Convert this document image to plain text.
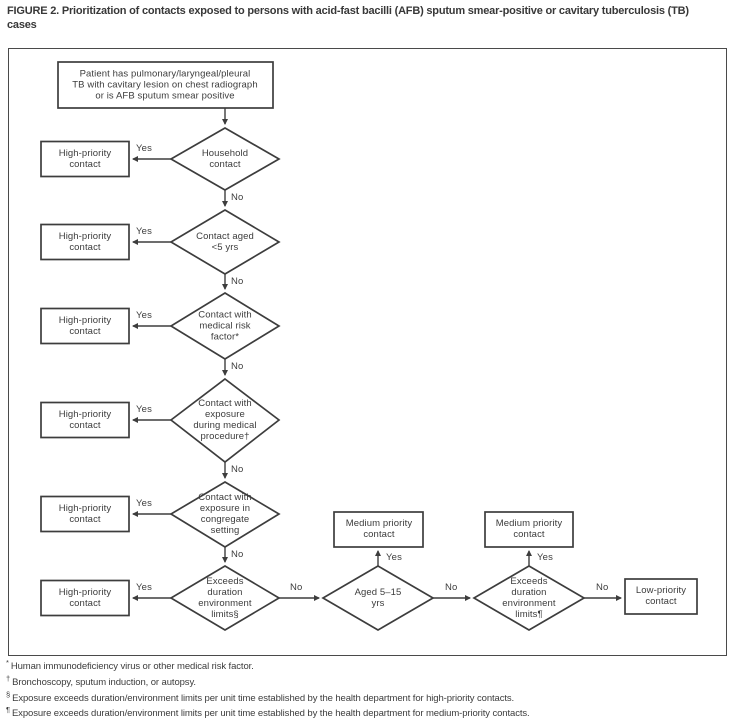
FIGURE 2. Prioritization of contacts exposed to persons with acid-fast bacilli (AFB) sputum smear-positive or cavitary tuberculosis (TB) cases
Patient has pulmonary/laryngeal/pleural
TB with cavitary lesion on chest radiograph
or is AFB sputum smear positive
High-priority contact
High-priority contact
High-priority contact
High-priority contact
High-priority contact
High-priority contact
Household contact
Contact aged <5 yrs
Contact with medical risk factor*
Contact with exposure during medical procedure†
Contact with exposure in congregate setting
Exceeds duration environment limits§
Aged 5–15 yrs
Exceeds duration environment limits¶
Medium priority contact
Medium priority contact
Low-priority contact
Yes
Yes
Yes
Yes
Yes
Yes
No
No
No
No
No
No
Yes
No
Yes
No
* Human immunodeficiency virus or other medical risk factor.
† Bronchoscopy, sputum induction, or autopsy.
§ Exposure exceeds duration/environment limits per unit time established by the health department for high-priority contacts.
¶ Exposure exceeds duration/environment limits per unit time established by the health department for medium-priority contacts.
